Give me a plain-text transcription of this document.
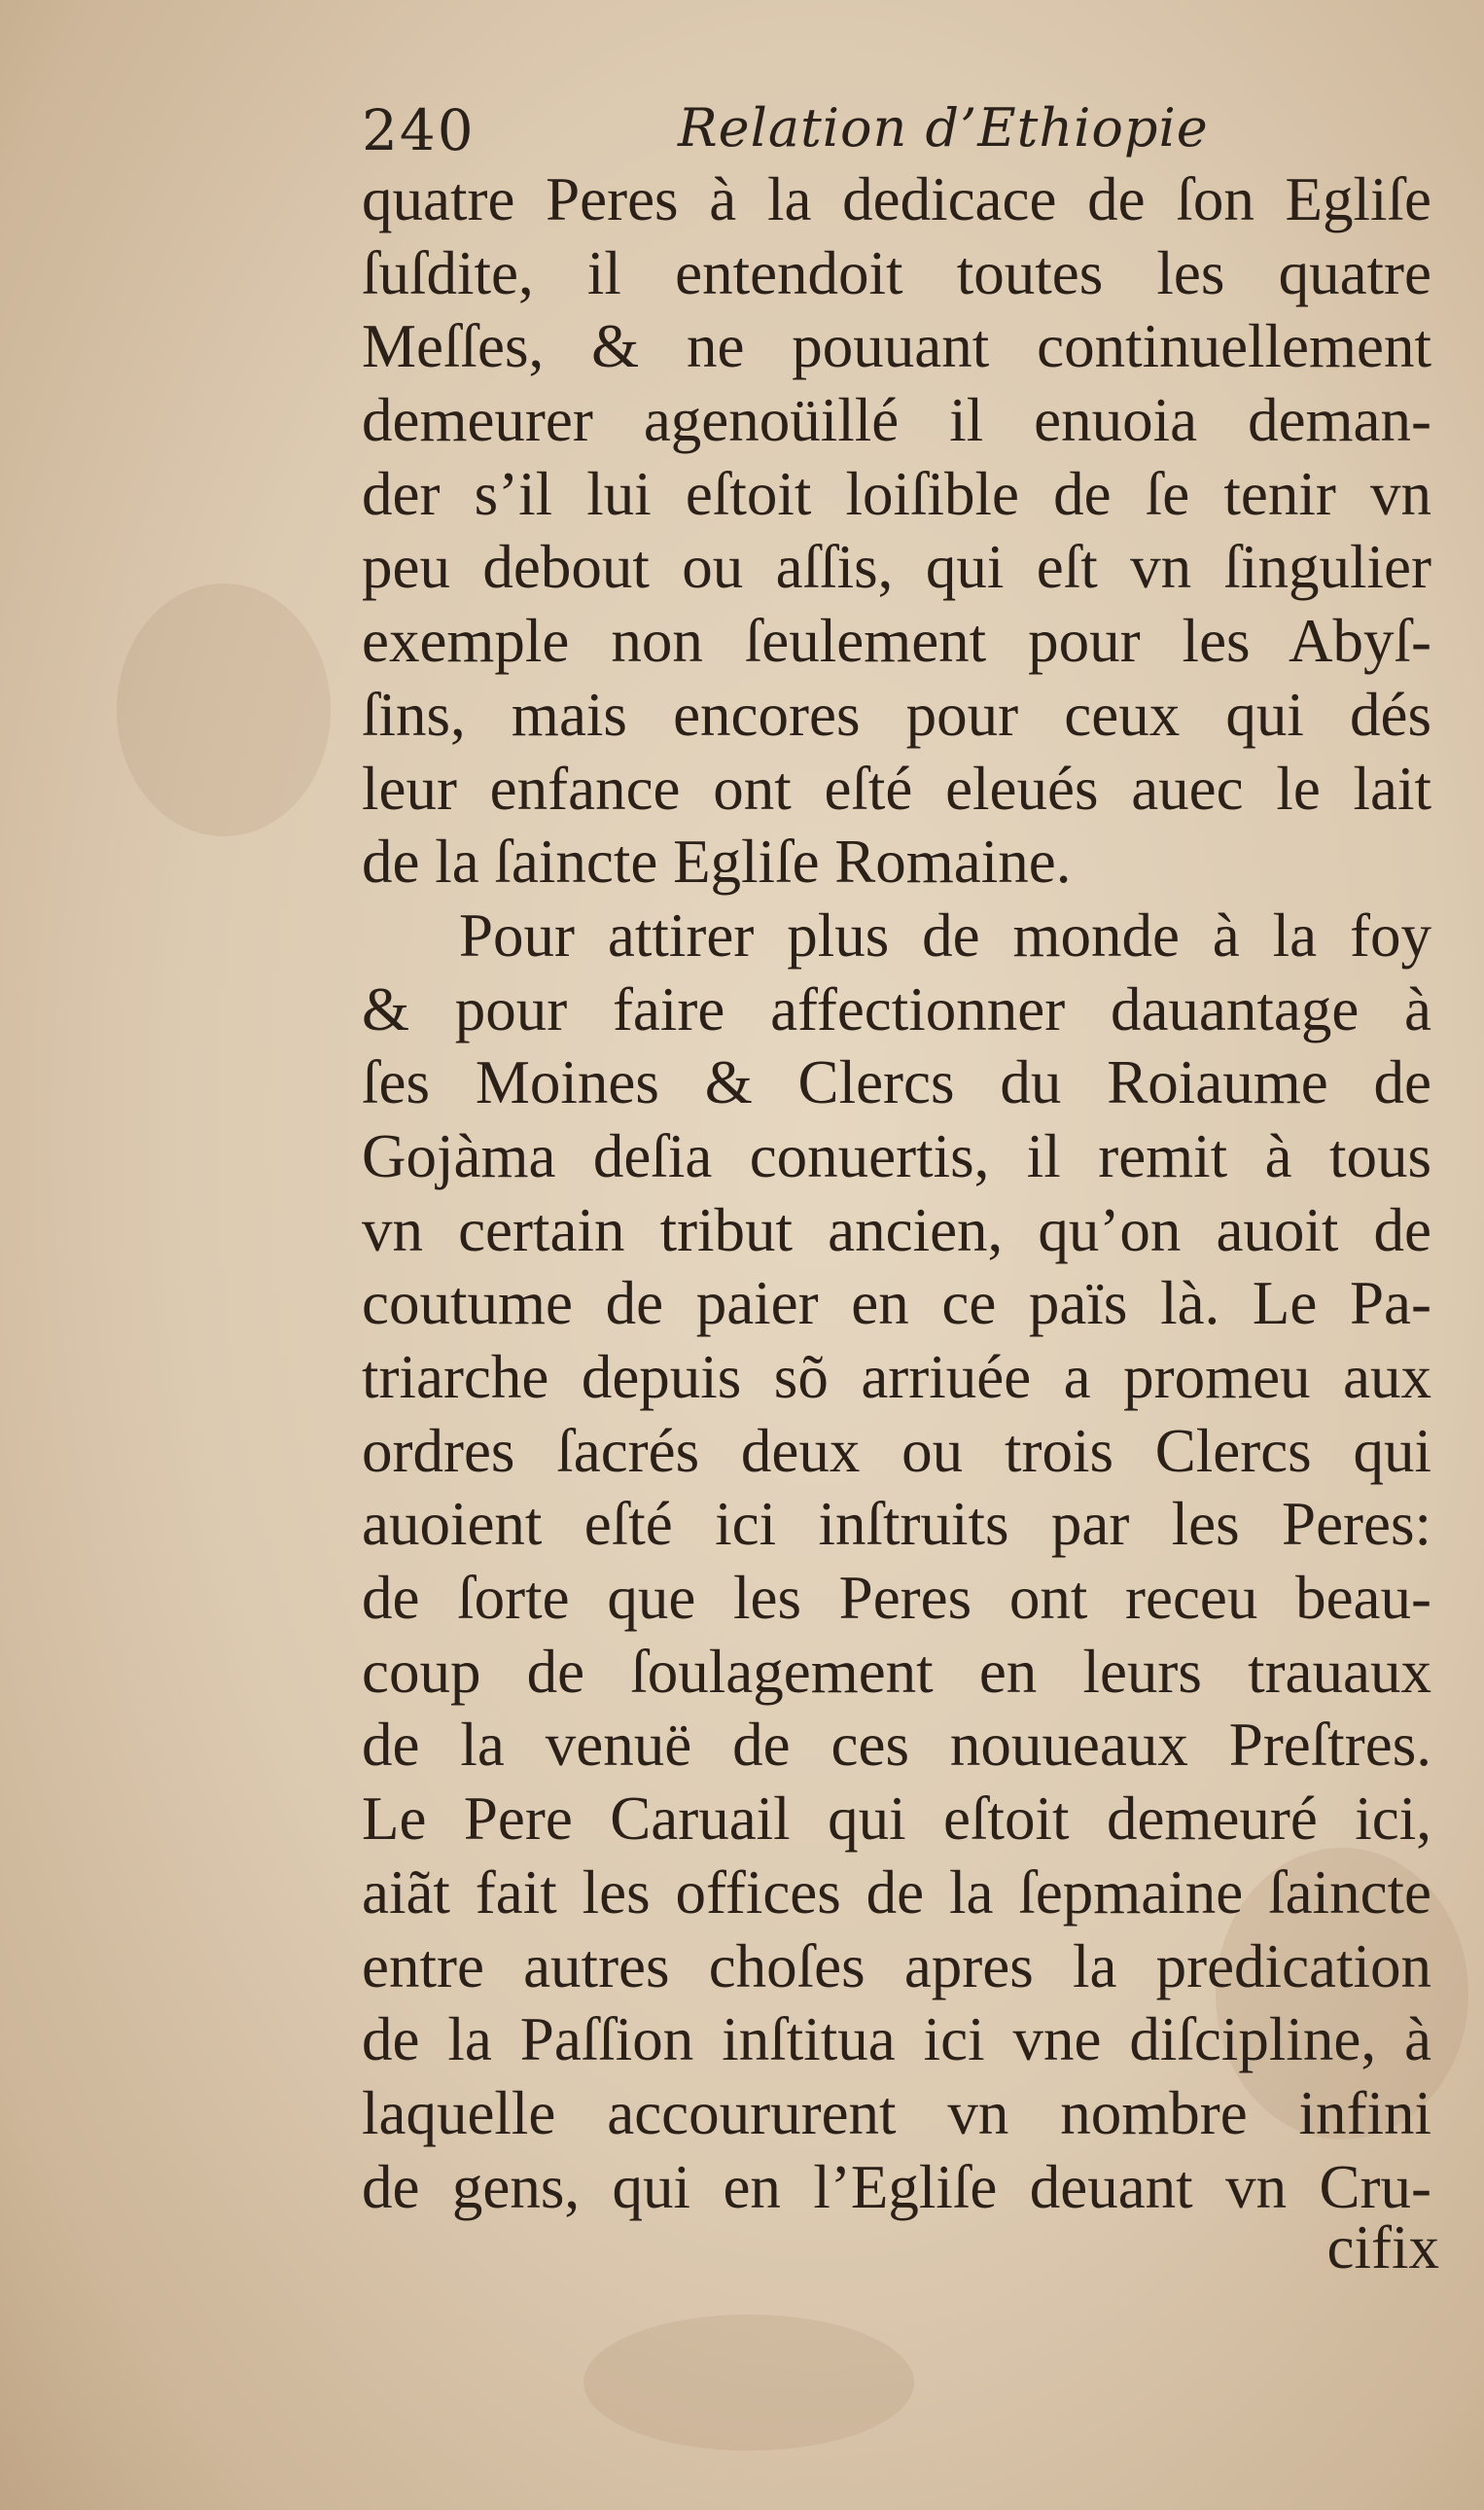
240	Relation d’Ethiopie
quatre Peres à la dedicace de ſon Egliſe
ſuſdite, il entendoit toutes les quatre
Meſſes, & ne pouuant continuellement
demeurer agenoüillé il enuoia deman-
der s’il lui eſtoit loiſible de ſe tenir vn
peu debout ou aſſis, qui eſt vn ſingulier
exemple non ſeulement pour les Abyſ-
ſins, mais encores pour ceux qui dés
leur enfance ont eſté eleués auec le lait
de la ſaincte Egliſe Romaine.
Pour attirer plus de monde à la foy
& pour faire affectionner dauantage à
ſes Moines & Clercs du Roiaume de
Gojàma deſia conuertis, il remit à tous
vn certain tribut ancien, qu’on auoit de
coutume de paier en ce païs là. Le Pa-
triarche depuis sõ arriuée a promeu aux
ordres ſacrés deux ou trois Clercs qui
auoient eſté ici inſtruits par les Peres:
de ſorte que les Peres ont receu beau-
coup de ſoulagement en leurs trauaux
de la venuë de ces nouueaux Preſtres.
Le Pere Caruail qui eſtoit demeuré ici,
aiãt fait les offices de la ſepmaine ſaincte
entre autres choſes apres la predication
de la Paſſion inſtitua ici vne diſcipline, à
laquelle accoururent vn nombre infini
de gens, qui en l’Egliſe deuant vn Cru-
cifix
